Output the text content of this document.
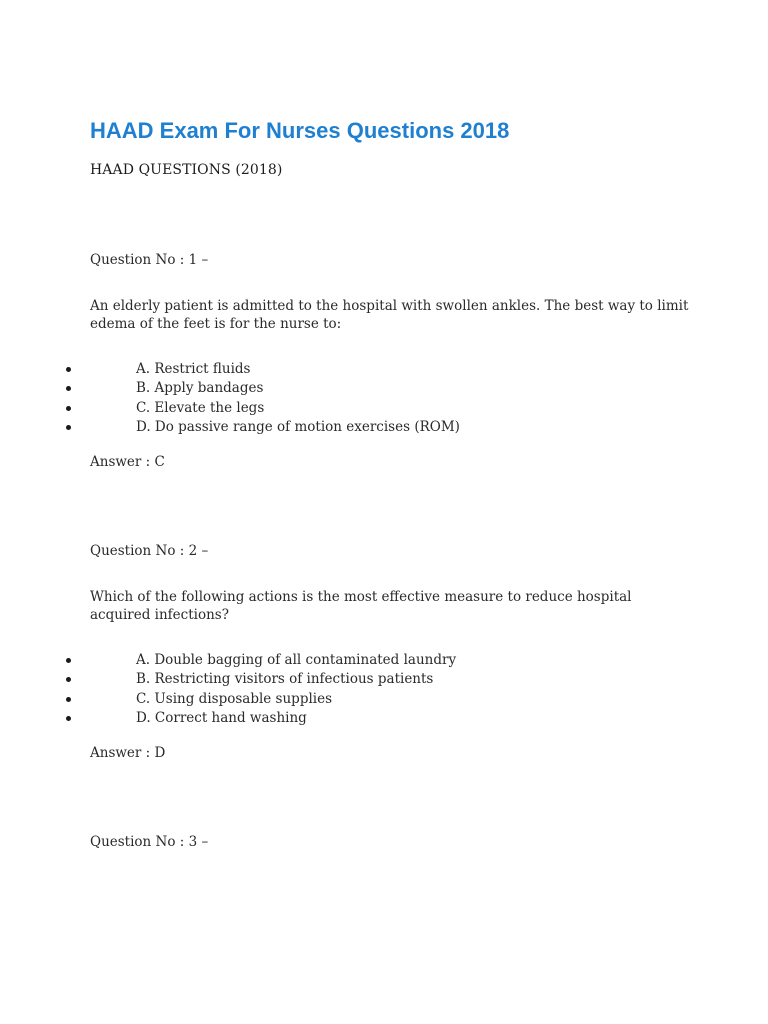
HAAD Exam For Nurses Questions 2018
HAAD QUESTIONS (2018)

Question No : 1 –

An elderly patient is admitted to the hospital with swollen ankles. The best way to limit edema of the feet is for the nurse to:

A. Restrict fluids
B. Apply bandages
C. Elevate the legs
D. Do passive range of motion exercises (ROM)

Answer : C

Question No : 2 –

Which of the following actions is the most effective measure to reduce hospital acquired infections?

A. Double bagging of all contaminated laundry
B. Restricting visitors of infectious patients
C. Using disposable supplies
D. Correct hand washing

Answer : D

Question No : 3 –
